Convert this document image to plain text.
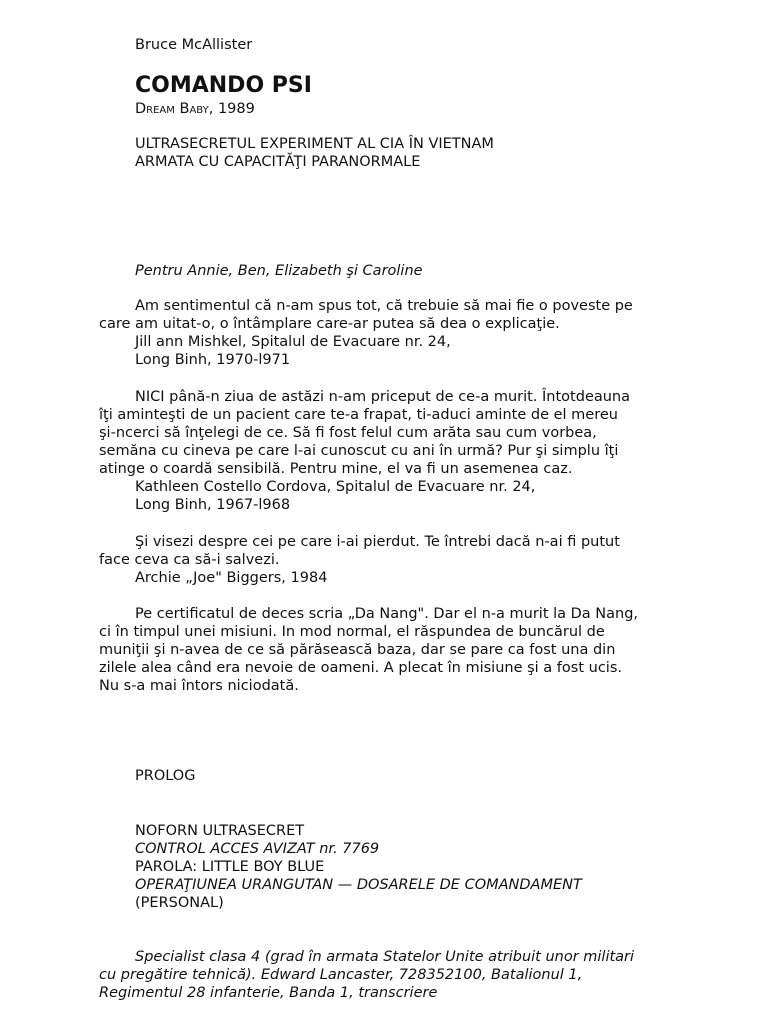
Bruce McAllister

COMANDO PSI

Dream Baby, 1989

ULTRASECRETUL EXPERIMENT AL CIA ÎN VIETNAM
ARMATA CU CAPACITĂŢI PARANORMALE

Pentru Annie, Ben, Elizabeth şi Caroline

Am sentimentul că n-am spus tot, că trebuie să mai fie o poveste pe
care am uitat-o, o întâmplare care-ar putea să dea o explicaţie.
Jill ann Mishkel, Spitalul de Evacuare nr. 24,
Long Binh, 1970-l971
NICI până-n ziua de astăzi n-am priceput de ce-a murit. Întotdeauna
îţi aminteşti de un pacient care te-a frapat, ti-aduci aminte de el mereu
şi-ncerci să înţelegi de ce. Să fi fost felul cum arăta sau cum vorbea,
semăna cu cineva pe care l-ai cunoscut cu ani în urmă? Pur şi simplu îţi
atinge o coardă sensibilă. Pentru mine, el va fi un asemenea caz.
Kathleen Costello Cordova, Spitalul de Evacuare nr. 24,
Long Binh, 1967-l968
Şi visezi despre cei pe care i-ai pierdut. Te întrebi dacă n-ai fi putut
face ceva ca să-i salvezi.
Archie „Joe" Biggers, 1984
Pe certificatul de deces scria „Da Nang". Dar el n-a murit la Da Nang,
ci în timpul unei misiuni. In mod normal, el răspundea de buncărul de
muniţii şi n-avea de ce să părăsească baza, dar se pare ca fost una din
zilele alea când era nevoie de oameni. A plecat în misiune şi a fost ucis.
Nu s-a mai întors niciodată.

PROLOG

NOFORN ULTRASECRET
CONTROL ACCES AVIZAT nr. 7769
PAROLA: LITTLE BOY BLUE
OPERAŢIUNEA URANGUTAN — DOSARELE DE COMANDAMENT
(PERSONAL)
Specialist clasa 4 (grad în armata Statelor Unite atribuit unor militari
cu pregătire tehnică). Edward Lancaster, 728352100, Batalionul 1,
Regimentul 28 infanterie, Banda 1, transcriere
